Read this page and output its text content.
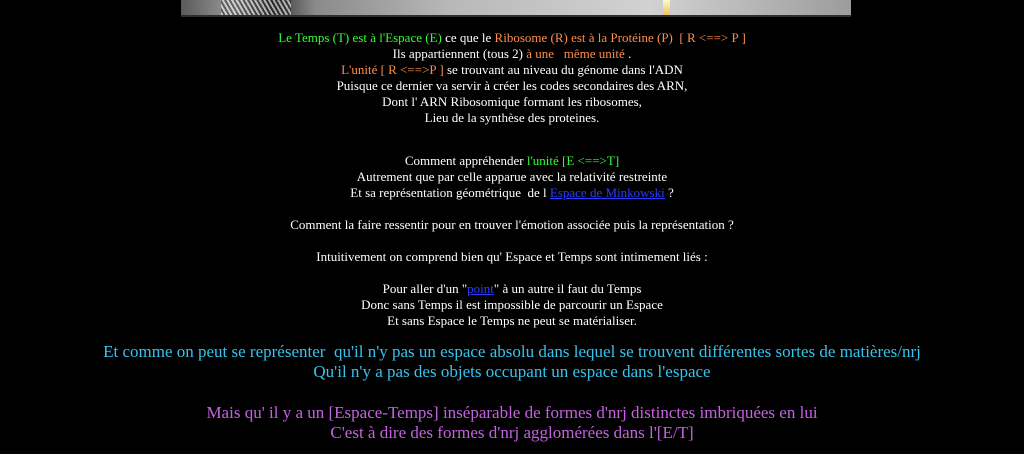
Le Temps (T) est à l'Espace (E) ce que le Ribosome (R) est à la Protéine (P)  [ R <==> P ]
Ils appartiennent (tous 2) à une   même unité .
L'unité [ R <==>P ] se trouvant au niveau du génome dans l'ADN
Puisque ce dernier va servir à créer les codes secondaires des ARN,
Dont l' ARN Ribosomique formant les ribosomes,
Lieu de la synthèse des proteines.
Comment appréhender l'unité [E <==>T]
Autrement que par celle apparue avec la relativité restreinte
Et sa représentation géométrique  de l Espace de Minkowski ?

Comment la faire ressentir pour en trouver l'émotion associée puis la représentation ?

Intuitivement on comprend bien qu' Espace et Temps sont intimement liés :

Pour aller d'un "point" à un autre il faut du Temps
Donc sans Temps il est impossible de parcourir un Espace
Et sans Espace le Temps ne peut se matérialiser.
Et comme on peut se représenter  qu'il n'y pas un espace absolu dans lequel se trouvent différentes sortes de matières/nrj
Qu'il n'y a pas des objets occupant un espace dans l'espace
Mais qu' il y a un [Espace-Temps] inséparable de formes d'nrj distinctes imbriquées en lui
C'est à dire des formes d'nrj agglomérées dans l'[E/T]
